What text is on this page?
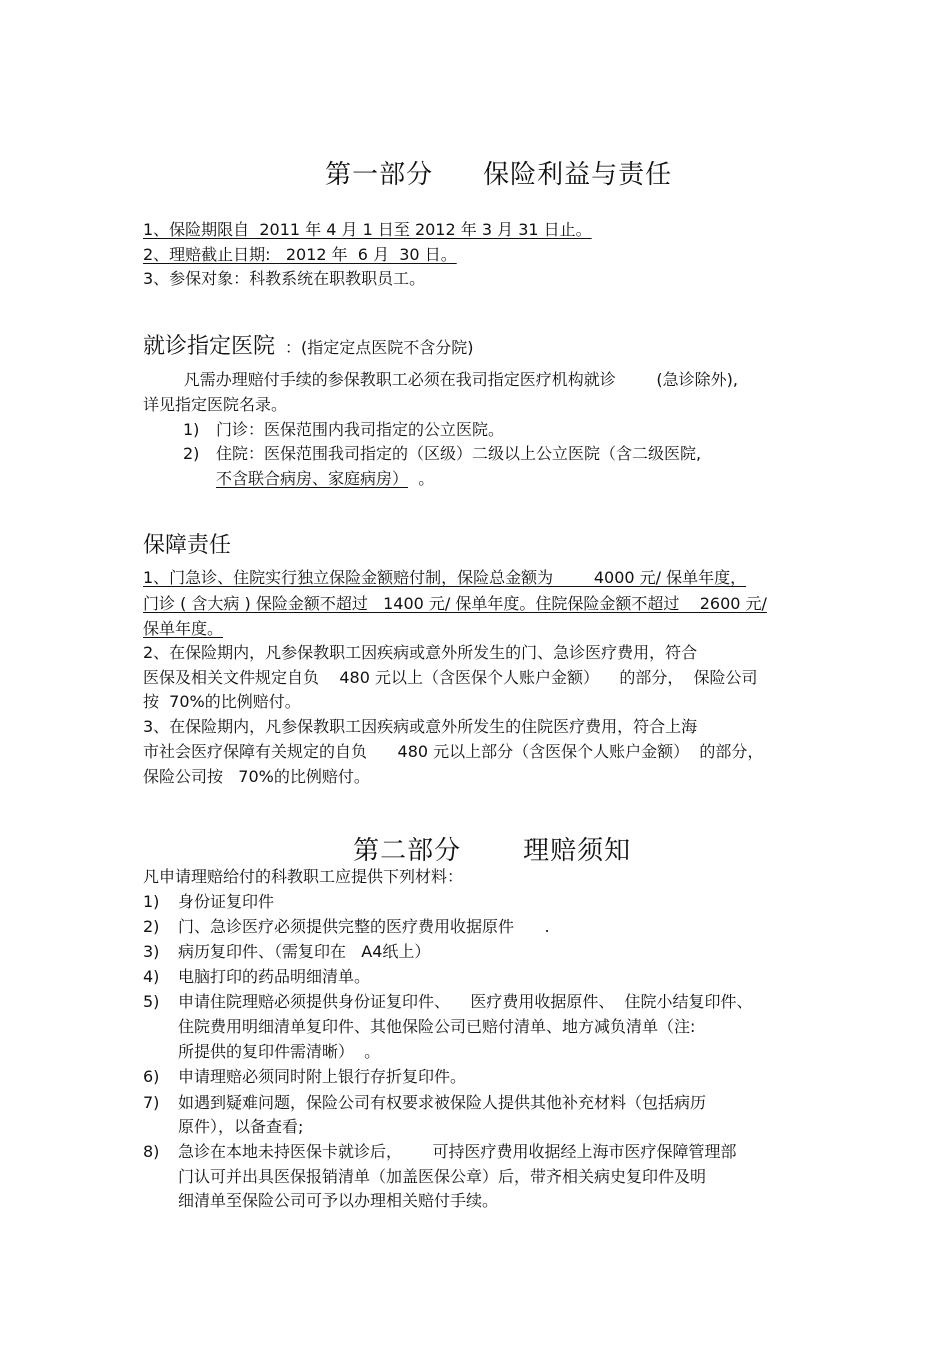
第一部分 保险利益与责任

1、保险期限自  2011 年 4 月 1 日至 2012 年 3 月 31 日止。
2、理赔截止日期:   2012 年  6 月  30 日。
3、参保对象：科教系统在职教职员工。
就诊指定医院 ：(指定定点医院不含分院)
凡需办理赔付手续的参保教职工必须在我司指定医疗机构就诊        (急诊除外),
详见指定医院名录。
1) 门诊：医保范围内我司指定的公立医院。
2) 住院：医保范围我司指定的（区级）二级以上公立医院（含二级医院,
不含联合病房、家庭病房）  。
保障责任
1、门急诊、住院实行独立保险金额赔付制，保险总金额为        4000 元/ 保单年度，
门诊 ( 含大病 ) 保险金额不超过   1400 元/ 保单年度。住院保险金额不超过    2600 元/
保单年度。
2、在保险期内，凡参保教职工因疾病或意外所发生的门、急诊医疗费用，符合
医保及相关文件规定自负    480 元以上（含医保个人账户金额）    的部分，  保险公司
按  70%的比例赔付。
3、在保险期内，凡参保教职工因疾病或意外所发生的住院医疗费用，符合上海
市社会医疗保障有关规定的自负      480 元以上部分（含医保个人账户金额）  的部分，
保险公司按   70%的比例赔付。

第二部分 理赔须知

凡申请理赔给付的科教职工应提供下列材料：
1) 身份证复印件
2) 门、急诊医疗必须提供完整的医疗费用收据原件      .
3) 病历复印件、（需复印在   A4纸上）
4) 电脑打印的药品明细清单。
5) 申请住院理赔必须提供身份证复印件、    医疗费用收据原件、  住院小结复印件、
住院费用明细清单复印件、其他保险公司已赔付清单、地方减负清单（注:
所提供的复印件需清晰）  。
6) 申请理赔必须同时附上银行存折复印件。
7) 如遇到疑难问题，保险公司有权要求被保险人提供其他补充材料（包括病历
原件），以备查看;
8) 急诊在本地未持医保卡就诊后，      可持医疗费用收据经上海市医疗保障管理部
门认可并出具医保报销清单（加盖医保公章）后，带齐相关病史复印件及明
细清单至保险公司可予以办理相关赔付手续。
